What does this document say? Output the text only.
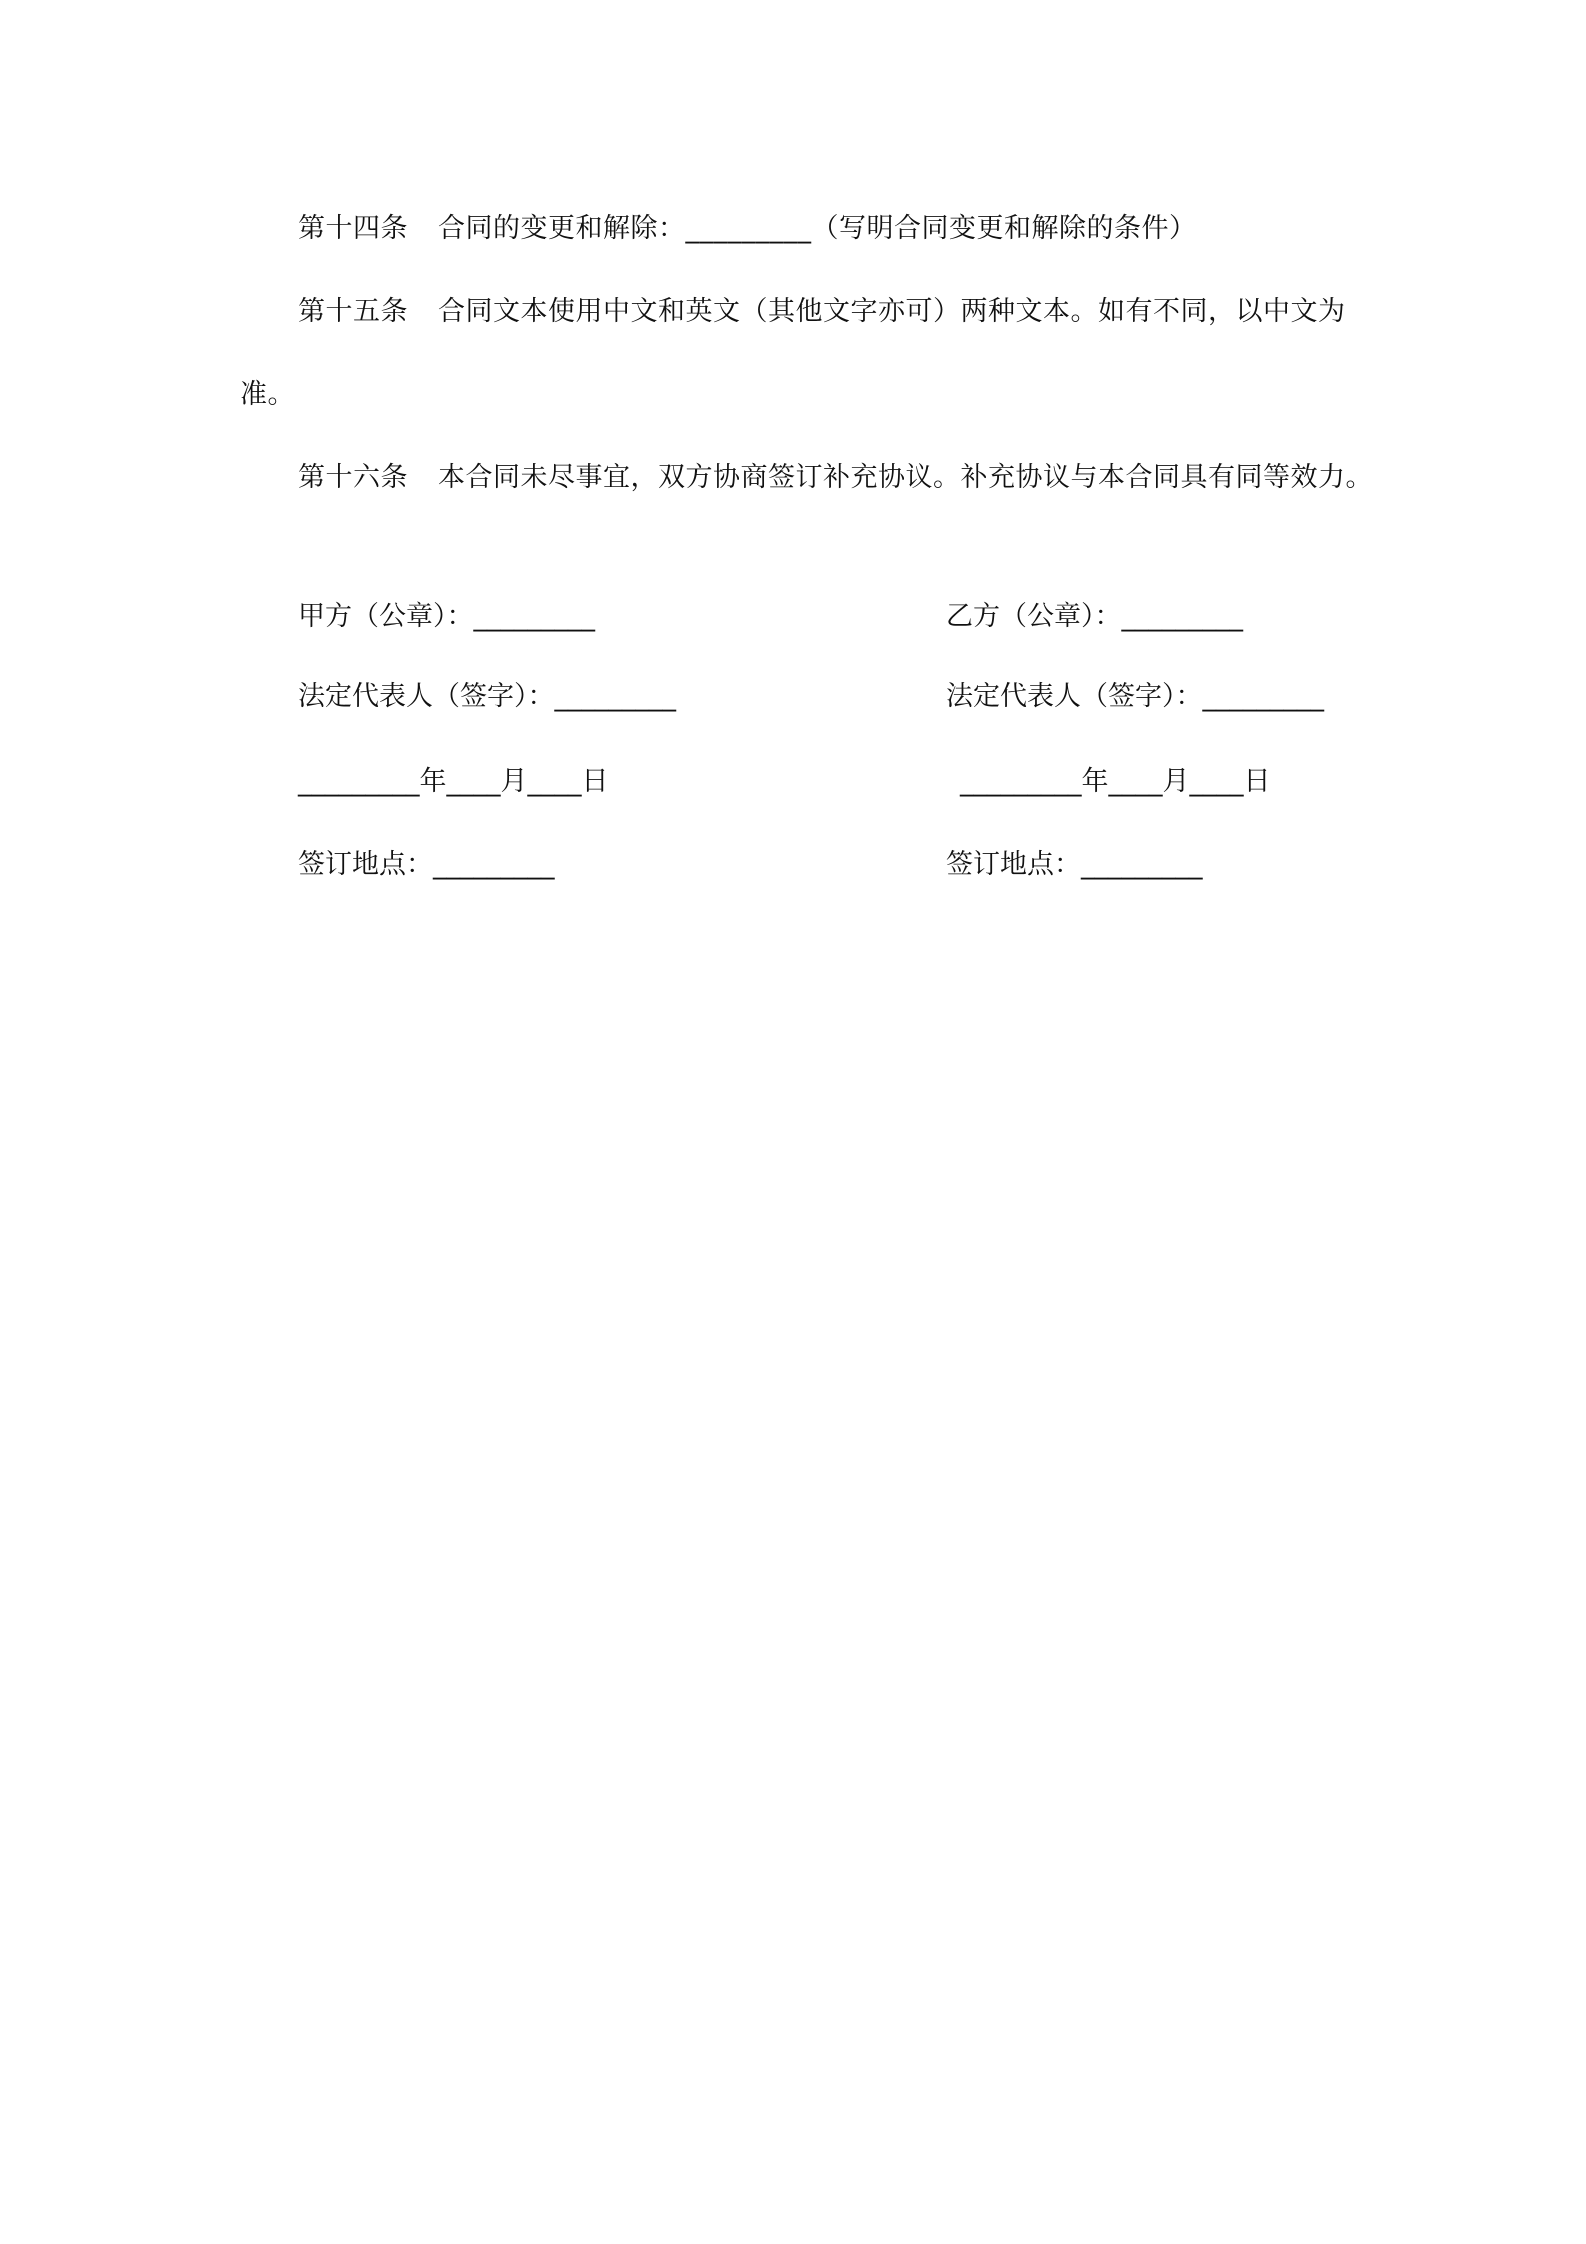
第十四条 合同的变更和解除：_________（写明合同变更和解除的条件）
第十五条 合同文本使用中文和英文（其他文字亦可）两种文本。如有不同，以中文为
准。
第十六条 本合同未尽事宜，双方协商签订补充协议。补充协议与本合同具有同等效力。
甲方（公章）：_________
法定代表人（签字）：_________
_________年____月____日
签订地点：_________
乙方（公章）：_________
法定代表人（签字）：_________
_________年____月____日
签订地点：_________
